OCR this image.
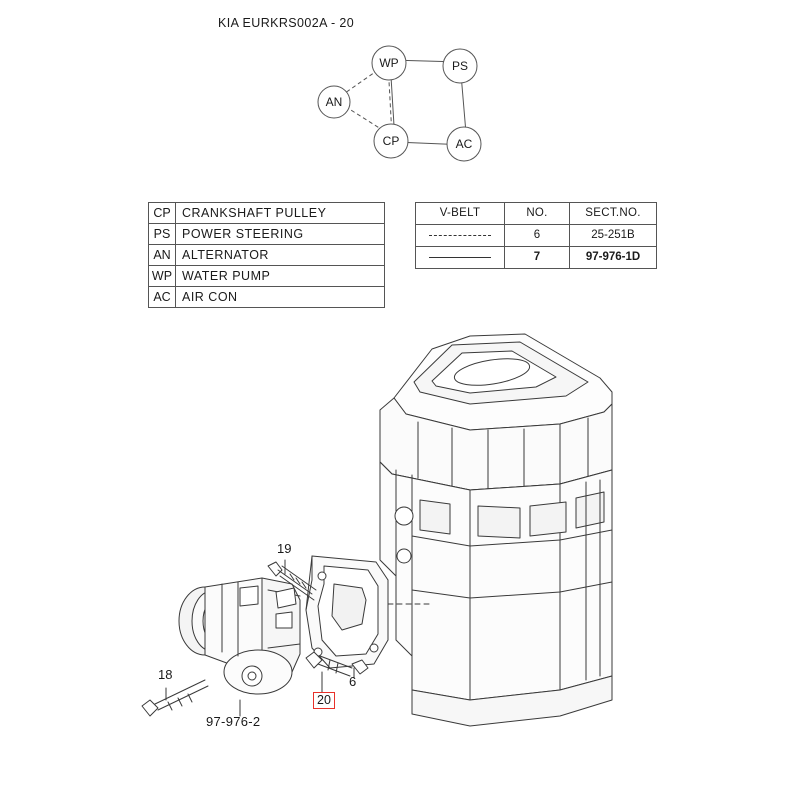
KIA EURKRS002A - 20
WP	PS
AN
CP	AC
CP	CRANKSHAFT PULLEY
PS	POWER STEERING
AN	ALTERNATOR
WP	WATER PUMP
AC	AIR CON
V-BELT	NO.	SECT.NO.
	6	25-251B
	7	97-976-1D
19
18	6
20
97-976-2
